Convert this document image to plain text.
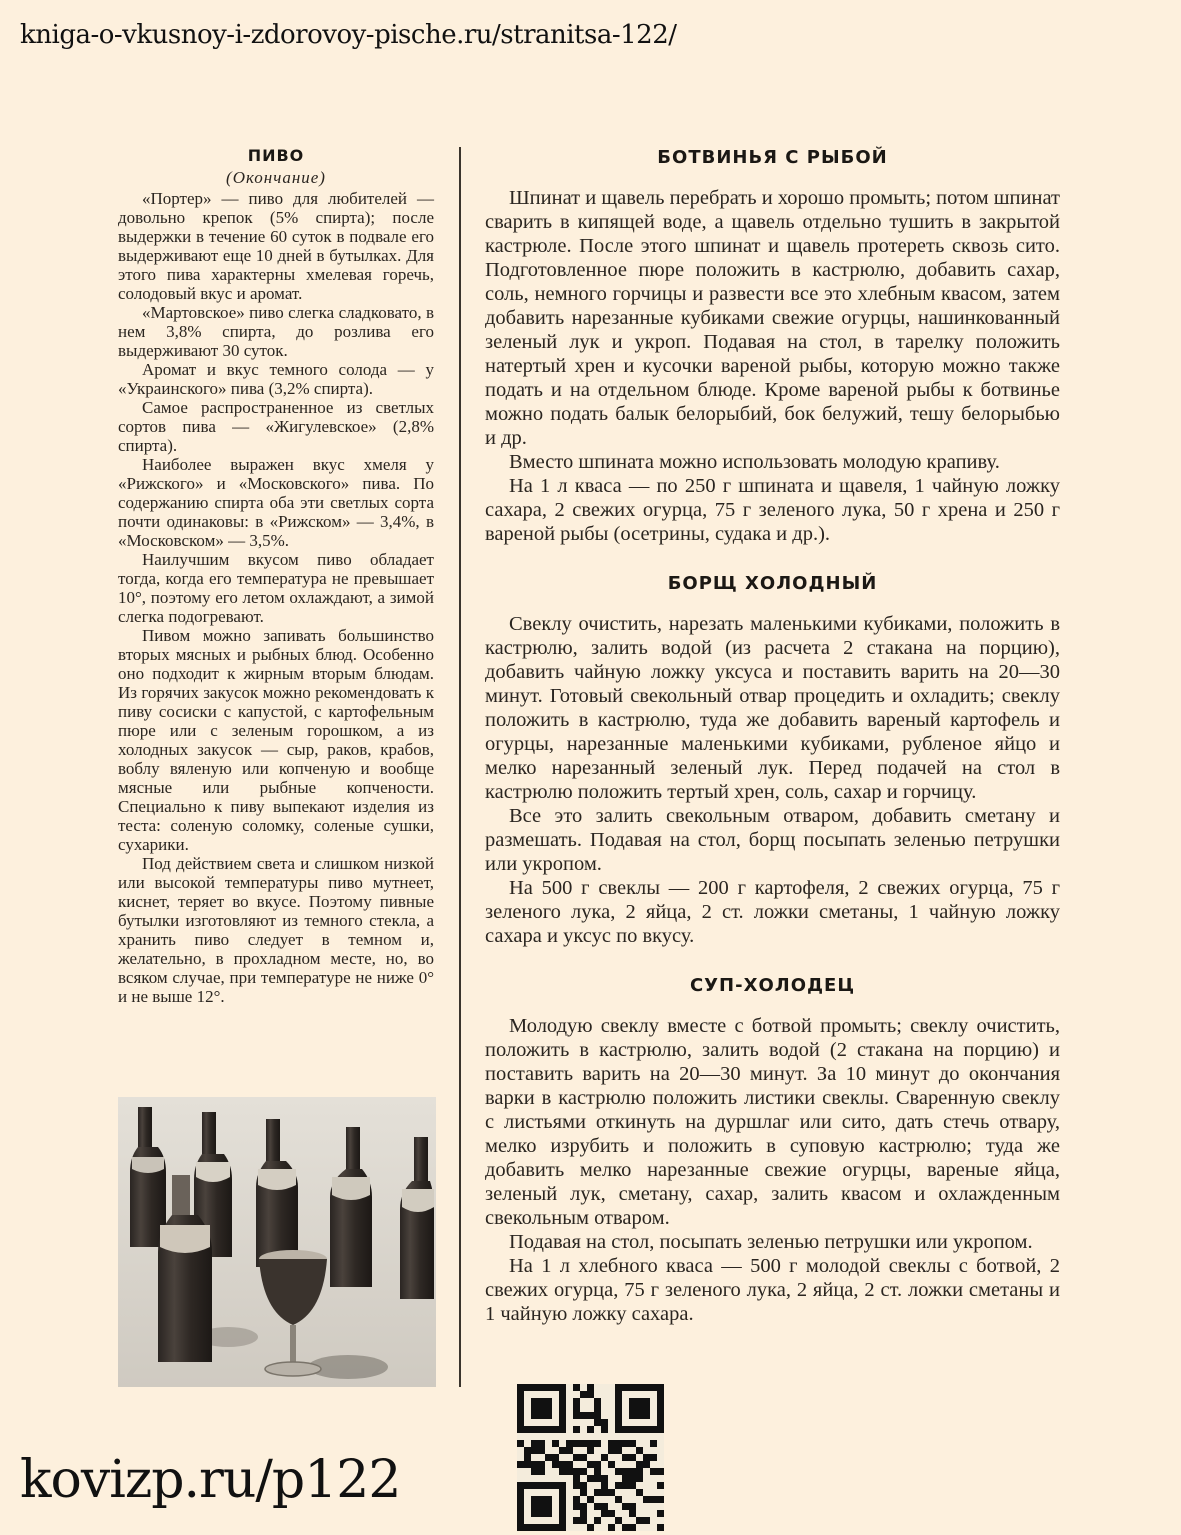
kniga-o-vkusnoy-i-zdorovoy-pische.ru/stranitsa-122/
ПИВО
(Окончание)

«Портер» — пиво для любителей — довольно крепок (5% спирта); после выдержки в течение 60 суток в подвале его выдерживают еще 10 дней в бутылках. Для этого пива характерны хмелевая горечь, солодовый вкус и аромат.

«Мартовское» пиво слегка сладковато, в нем 3,8% спирта, до розлива его выдерживают 30 суток.

Аромат и вкус темного солода — у «Украинского» пива (3,2% спирта).

Самое распространенное из светлых сортов пива — «Жигулевское» (2,8% спирта).

Наиболее выражен вкус хмеля у «Рижского» и «Московского» пива. По содержанию спирта оба эти светлых сорта почти одинаковы: в «Рижском» — 3,4%, в «Московском» — 3,5%.

Наилучшим вкусом пиво обладает тогда, когда его температура не превышает 10°, поэтому его летом охлаждают, а зимой слегка подогревают.

Пивом можно запивать большинство вторых мясных и рыбных блюд. Особенно оно подходит к жирным вторым блюдам. Из горячих закусок можно рекомендовать к пиву сосиски с капустой, с картофельным пюре или с зеленым горошком, а из холодных закусок — сыр, раков, крабов, воблу вяленую или копченую и вообще мясные или рыбные копчености. Специально к пиву выпекают изделия из теста: соленую соломку, соленые сушки, сухарики.

Под действием света и слишком низкой или высокой температуры пиво мутнеет, киснет, теряет во вкусе. Поэтому пивные бутылки изготовляют из темного стекла, а хранить пиво следует в темном и, желательно, в прохладном месте, но, во всяком случае, при температуре не ниже 0° и не выше 12°.

БОТВИНЬЯ С РЫБОЙ

Шпинат и щавель перебрать и хорошо промыть; потом шпинат сварить в кипящей воде, а щавель отдельно тушить в закрытой кастрюле. После этого шпинат и щавель протереть сквозь сито. Подготовленное пюре положить в кастрюлю, добавить сахар, соль, немного горчицы и развести все это хлебным квасом, затем добавить нарезанные кубиками свежие огурцы, нашинкованный зеленый лук и укроп. Подавая на стол, в тарелку положить натертый хрен и кусочки вареной рыбы, которую можно также подать и на отдельном блюде. Кроме вареной рыбы к ботвинье можно подать балык белорыбий, бок белужий, тешу белорыбью и др.

Вместо шпината можно использовать молодую крапиву.

На 1 л кваса — по 250 г шпината и щавеля, 1 чайную ложку сахара, 2 свежих огурца, 75 г зеленого лука, 50 г хрена и 250 г вареной рыбы (осетрины, судака и др.).

БОРЩ ХОЛОДНЫЙ

Свеклу очистить, нарезать маленькими кубиками, положить в кастрюлю, залить водой (из расчета 2 стакана на порцию), добавить чайную ложку уксуса и поставить варить на 20—30 минут. Готовый свекольный отвар процедить и охладить; свеклу положить в кастрюлю, туда же добавить вареный картофель и огурцы, нарезанные маленькими кубиками, рубленое яйцо и мелко нарезанный зеленый лук. Перед подачей на стол в кастрюлю положить тертый хрен, соль, сахар и горчицу.

Все это залить свекольным отваром, добавить сметану и размешать. Подавая на стол, борщ посыпать зеленью петрушки или укропом.

На 500 г свеклы — 200 г картофеля, 2 свежих огурца, 75 г зеленого лука, 2 яйца, 2 ст. ложки сметаны, 1 чайную ложку сахара и уксус по вкусу.

СУП-ХОЛОДЕЦ

Молодую свеклу вместе с ботвой промыть; свеклу очистить, положить в кастрюлю, залить водой (2 стакана на порцию) и поставить варить на 20—30 минут. За 10 минут до окончания варки в кастрюлю положить листики свеклы. Сваренную свеклу с листьями откинуть на дуршлаг или сито, дать стечь отвару, мелко изрубить и положить в суповую кастрюлю; туда же добавить мелко нарезанные свежие огурцы, вареные яйца, зеленый лук, сметану, сахар, залить квасом и охлажденным свекольным отваром.

Подавая на стол, посыпать зеленью петрушки или укропом.

На 1 л хлебного кваса — 500 г молодой свеклы с ботвой, 2 свежих огурца, 75 г зеленого лука, 2 яйца, 2 ст. ложки сметаны и 1 чайную ложку сахара.

kovizp.ru/p122
